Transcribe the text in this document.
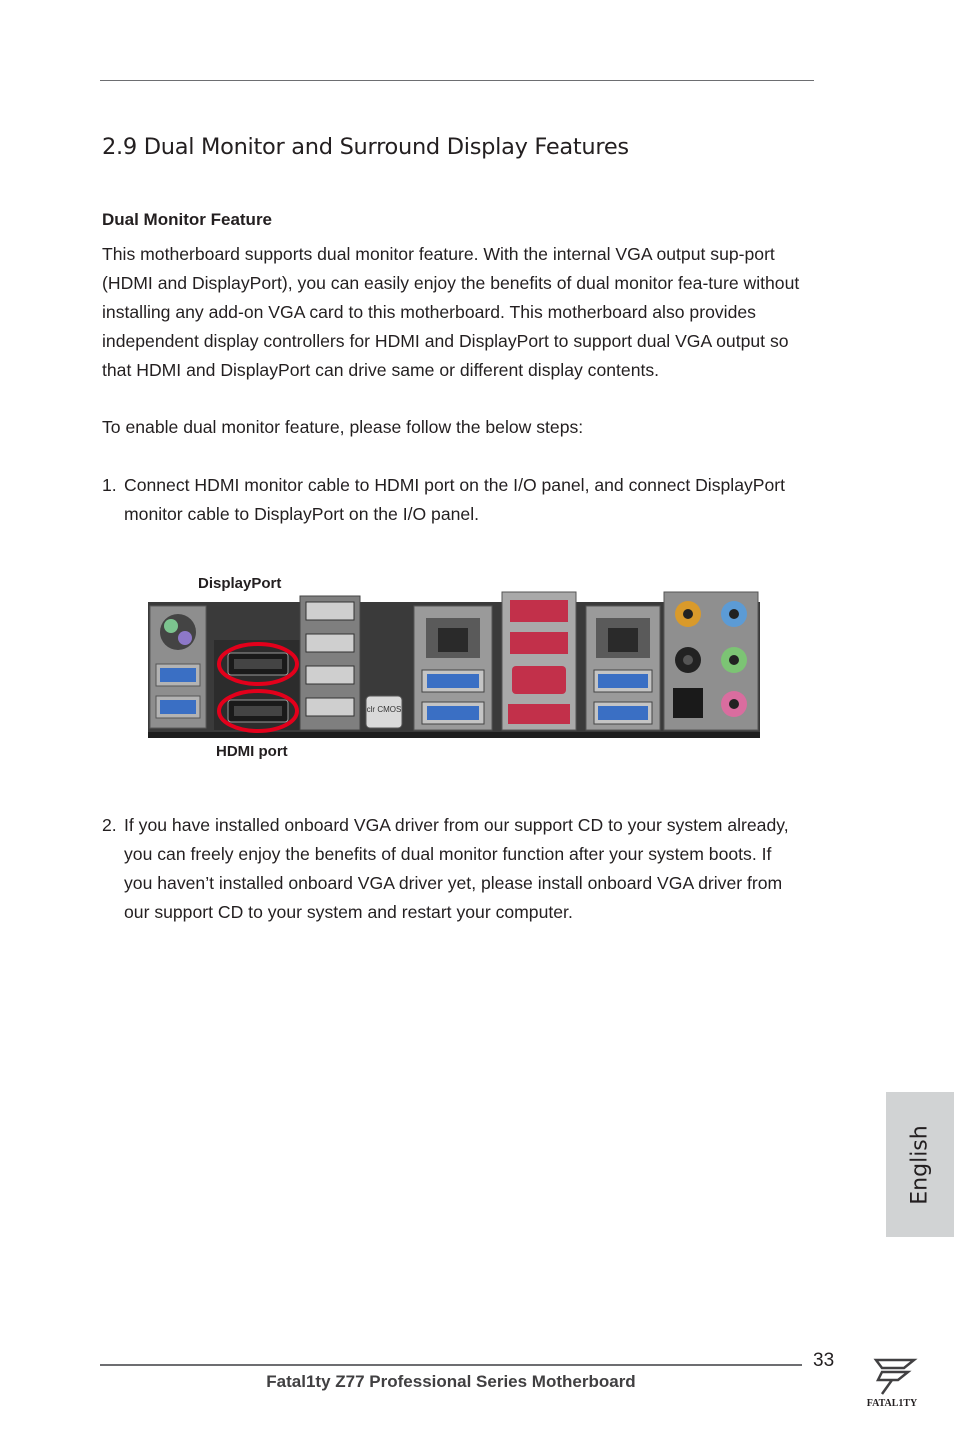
2.9 Dual Monitor and Surround Display Features
Dual Monitor Feature
This motherboard supports dual monitor feature. With the internal VGA output sup-port (HDMI and DisplayPort), you can easily enjoy the benefits of dual monitor fea-ture without installing any add-on VGA card to this motherboard. This motherboard also provides independent display controllers for HDMI and DisplayPort to support dual VGA output so that HDMI and DisplayPort can drive same or different display contents.
To enable dual monitor feature, please follow the below steps:
1. Connect HDMI monitor cable to HDMI port on the I/O panel, and connect DisplayPort monitor cable to DisplayPort on the I/O panel.
DisplayPort
clr CMOS
HDMI port
2. If you have installed onboard VGA driver from our support CD to your system already, you can freely enjoy the benefits of dual monitor function after your system boots. If you haven’t installed onboard VGA driver yet, please install onboard VGA driver from our support CD to your system and restart your computer.
English
33
Fatal1ty Z77 Professional Series Motherboard
FATAL1TY
